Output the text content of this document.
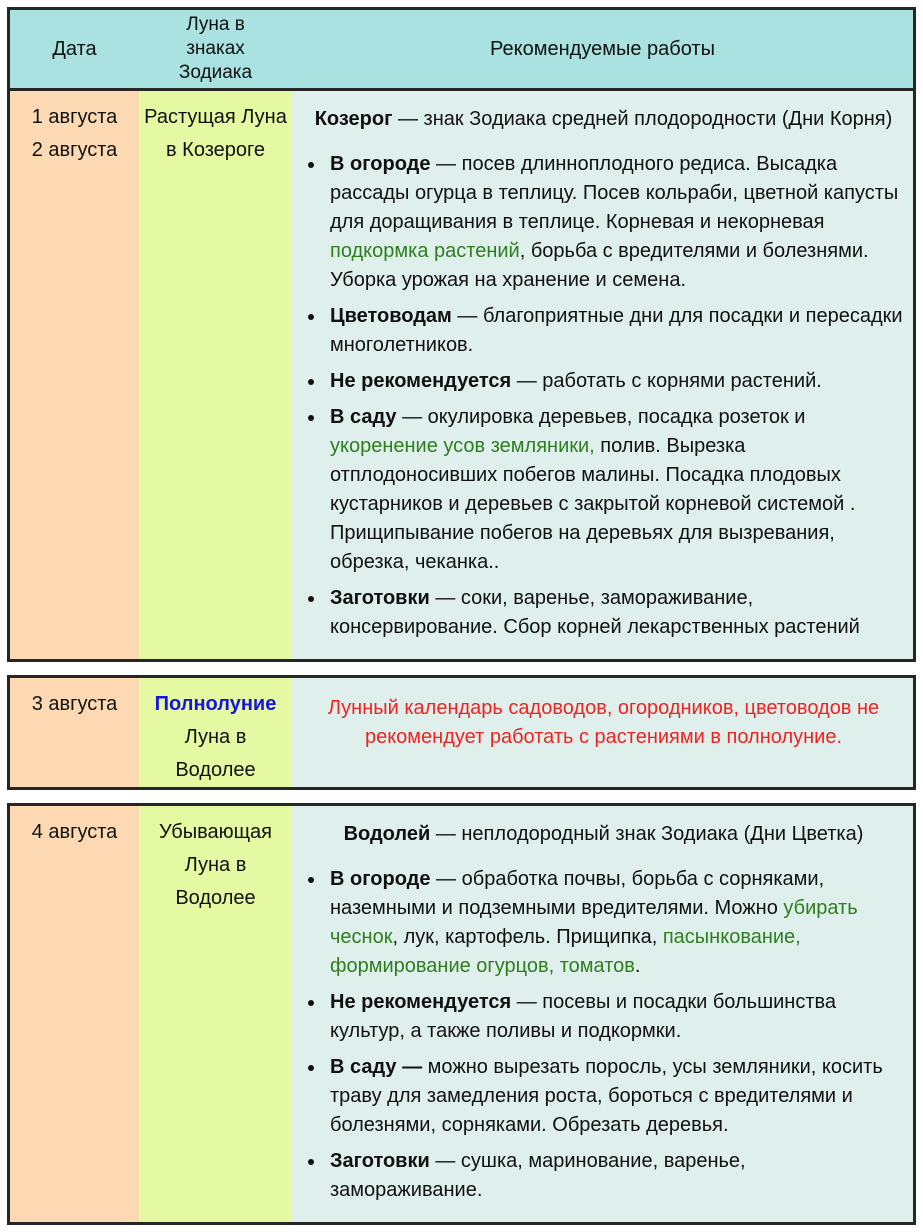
Дата
Луна в
знаках
Зодиака
Рекомендуемые работы
1 августа
2 августа
Растущая Луна
в Козероге
Козерог — знак Зодиака средней плодородности (Дни Корня)
• В огороде — посев длинноплодного редиса. Высадка рассады огурца в теплицу. Посев кольраби, цветной капусты для доращивания в теплице. Корневая и некорневая подкормка растений, борьба с вредителями и болезнями. Уборка урожая на хранение и семена.
• Цветоводам — благоприятные дни для посадки и пересадки многолетников.
• Не рекомендуется — работать с корнями растений.
• В саду — окулировка деревьев, посадка розеток и укоренение усов земляники, полив. Вырезка отплодоносивших побегов малины. Посадка плодовых кустарников и деревьев с закрытой корневой системой . Прищипывание побегов на деревьях для вызревания, обрезка, чеканка..
• Заготовки — соки, варенье, замораживание, консервирование. Сбор корней лекарственных растений
3 августа	Полнолуние
Луна в
Водолее
Лунный календарь садоводов, огородников, цветоводов не рекомендует работать с растениями в полнолуние.
4 августа	Убывающая
Луна в
Водолее
Водолей — неплодородный знак Зодиака (Дни Цветка)
• В огороде — обработка почвы, борьба с сорняками, наземными и подземными вредителями. Можно убирать чеснок, лук, картофель. Прищипка, пасынкование, формирование огурцов, томатов.
• Не рекомендуется — посевы и посадки большинства культур, а также поливы и подкормки.
• В саду — можно вырезать поросль, усы земляники, косить траву для замедления роста, бороться с вредителями и болезнями, сорняками. Обрезать деревья.
• Заготовки — сушка, маринование, варенье, замораживание.
